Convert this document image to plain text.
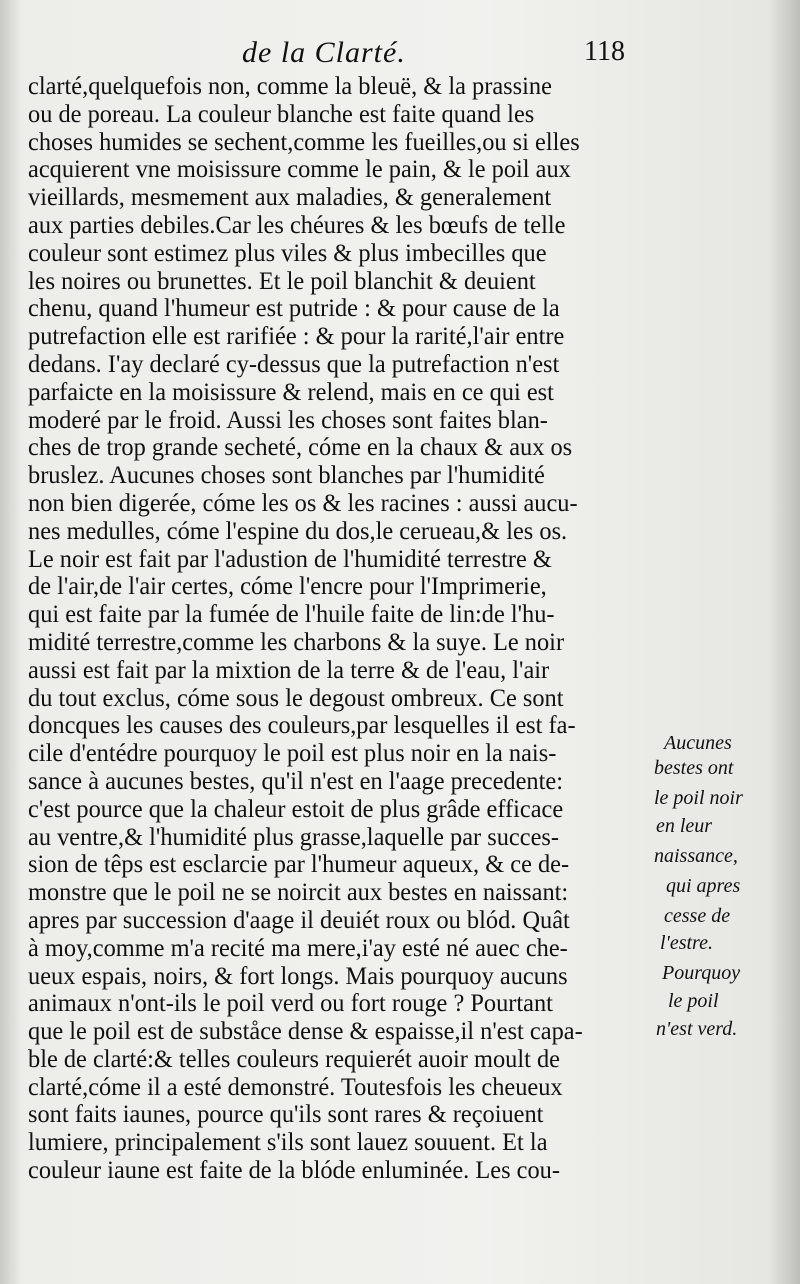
de la Clarté.	118
clarté,quelquefois non, comme la bleuë, & la prassine
ou de poreau. La couleur blanche est faite quand les
choses humides se sechent,comme les fueilles,ou si elles
acquierent vne moisissure comme le pain, & le poil aux
vieillards, mesmement aux maladies, & generalement
aux parties debiles.Car les chéures & les bœufs de telle
couleur sont estimez plus viles & plus imbecilles que
les noires ou brunettes. Et le poil blanchit & deuient
chenu, quand l'humeur est putride : & pour cause de la
putrefaction elle est rarifiée : & pour la rarité,l'air entre
dedans. I'ay declaré cy-dessus que la putrefaction n'est
parfaicte en la moisissure & relend, mais en ce qui est
moderé par le froid. Aussi les choses sont faites blan-
ches de trop grande secheté, cóme en la chaux & aux os
bruslez. Aucunes choses sont blanches par l'humidité
non bien digerée, cóme les os & les racines : aussi aucu-
nes medulles, cóme l'espine du dos,le cerueau,& les os.
Le noir est fait par l'adustion de l'humidité terrestre &
de l'air,de l'air certes, cóme l'encre pour l'Imprimerie,
qui est faite par la fumée de l'huile faite de lin:de l'hu-
midité terrestre,comme les charbons & la suye. Le noir
aussi est fait par la mixtion de la terre & de l'eau, l'air
du tout exclus, cóme sous le degoust ombreux. Ce sont
doncques les causes des couleurs,par lesquelles il est fa-
cile d'entédre pourquoy le poil est plus noir en la nais-
sance à aucunes bestes, qu'il n'est en l'aage precedente:
c'est pource que la chaleur estoit de plus grâde efficace
au ventre,& l'humidité plus grasse,laquelle par succes-
sion de têps est esclarcie par l'humeur aqueux, & ce de-
monstre que le poil ne se noircit aux bestes en naissant:
apres par succession d'aage il deuiét roux ou blód. Quât
à moy,comme m'a recité ma mere,i'ay esté né auec che-
ueux espais, noirs, & fort longs. Mais pourquoy aucuns
animaux n'ont-ils le poil verd ou fort rouge ? Pourtant
que le poil est de subståce dense & espaisse,il n'est capa-
ble de clarté:& telles couleurs requierét auoir moult de
clarté,cóme il a esté demonstré. Toutesfois les cheueux
sont faits iaunes, pource qu'ils sont rares & reçoiuent
lumiere, principalement s'ils sont lauez souuent. Et la
couleur iaune est faite de la blóde enluminée. Les cou-
Aucunes
bestes ont
le poil noir
en leur
naissance,
qui apres
cesse de
l'estre.
Pourquoy
le poil
n'est verd.
